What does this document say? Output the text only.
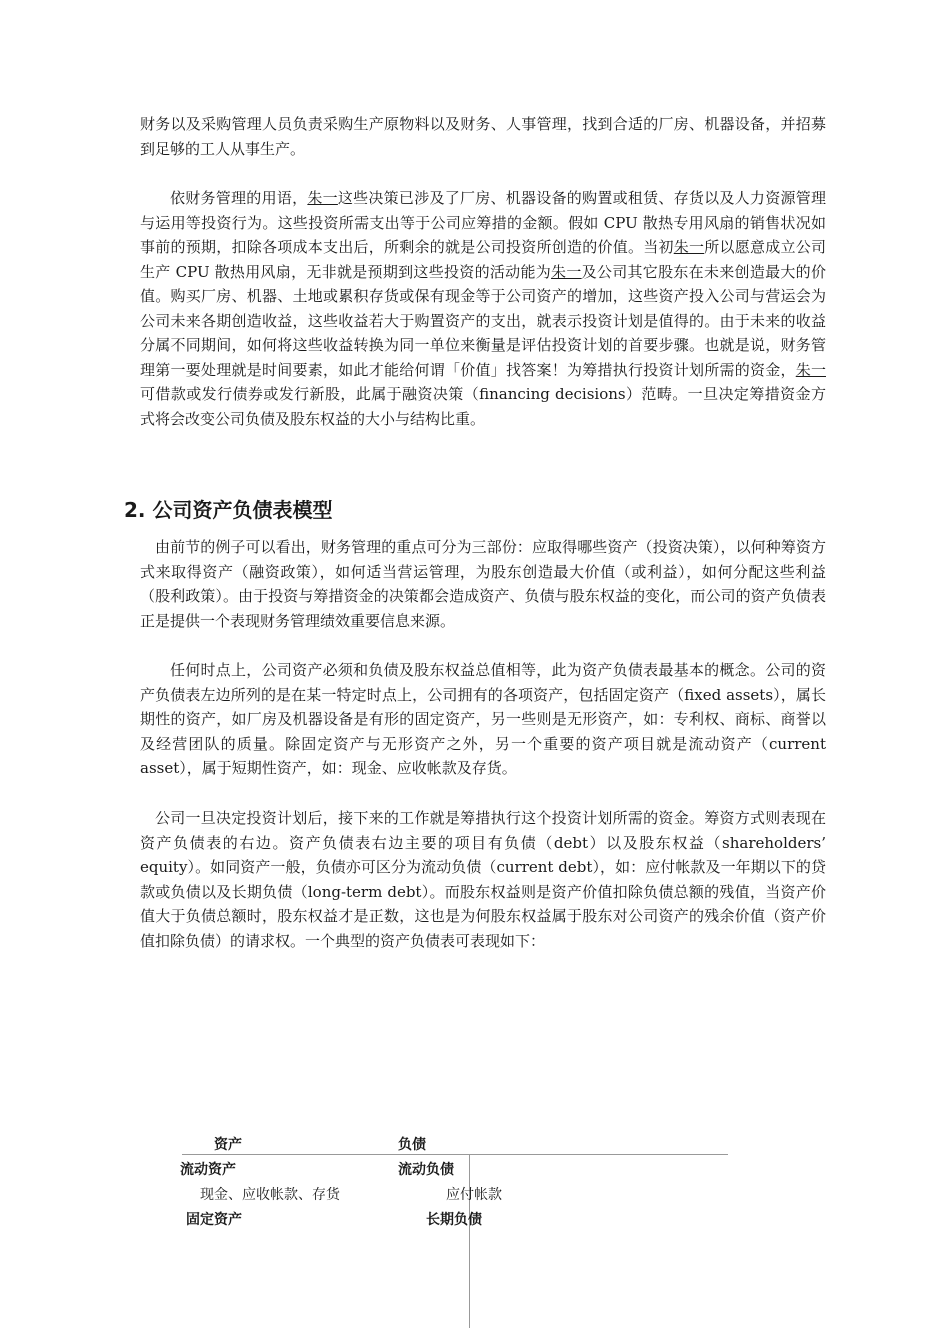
财务以及采购管理人员负责采购生产原物料以及财务、人事管理，找到合适的厂房、机器设备，并招募到足够的工人从事生产。

依财务管理的用语，朱一这些决策已涉及了厂房、机器设备的购置或租赁、存货以及人力资源管理与运用等投资行为。这些投资所需支出等于公司应筹措的金额。假如 CPU 散热专用风扇的销售状况如事前的预期，扣除各项成本支出后，所剩余的就是公司投资所创造的价值。当初朱一所以愿意成立公司生产 CPU 散热用风扇，无非就是预期到这些投资的活动能为朱一及公司其它股东在未来创造最大的价值。购买厂房、机器、土地或累积存货或保有现金等于公司资产的增加，这些资产投入公司与营运会为公司未来各期创造收益，这些收益若大于购置资产的支出，就表示投资计划是值得的。由于未来的收益分属不同期间，如何将这些收益转换为同一单位来衡量是评估投资计划的首要步骤。也就是说，财务管理第一要处理就是时间要素，如此才能给何谓「价值」找答案！为筹措执行投资计划所需的资金，朱一可借款或发行债券或发行新股，此属于融资决策（financing decisions）范畴。一旦决定筹措资金方式将会改变公司负债及股东权益的大小与结构比重。

2. 公司资产负债表模型

由前节的例子可以看出，财务管理的重点可分为三部份：应取得哪些资产（投资决策），以何种筹资方式来取得资产（融资政策），如何适当营运管理，为股东创造最大价值（或利益），如何分配这些利益（股利政策）。由于投资与筹措资金的决策都会造成资产、负债与股东权益的变化，而公司的资产负债表正是提供一个表现财务管理绩效重要信息来源。

任何时点上，公司资产必须和负债及股东权益总值相等，此为资产负债表最基本的概念。公司的资产负债表左边所列的是在某一特定时点上，公司拥有的各项资产，包括固定资产（fixed assets），属长期性的资产，如厂房及机器设备是有形的固定资产，另一些则是无形资产，如：专利权、商标、商誉以及经营团队的质量。除固定资产与无形资产之外，另一个重要的资产项目就是流动资产（current asset），属于短期性资产，如：现金、应收帐款及存货。

公司一旦决定投资计划后，接下来的工作就是筹措执行这个投资计划所需的资金。筹资方式则表现在资产负债表的右边。资产负债表右边主要的项目有负债（debt）以及股东权益（shareholders’ equity）。如同资产一般，负债亦可区分为流动负债（current debt），如：应付帐款及一年期以下的贷款或负债以及长期负债（long-term debt）。而股东权益则是资产价值扣除负债总额的残值，当资产价值大于负债总额时，股东权益才是正数，这也是为何股东权益属于股东对公司资产的残余价值（资产价值扣除负债）的请求权。一个典型的资产负债表可表现如下：

资产	负债
流动资产	流动负债
现金、应收帐款、存货	应付帐款
固定资产	长期负债
